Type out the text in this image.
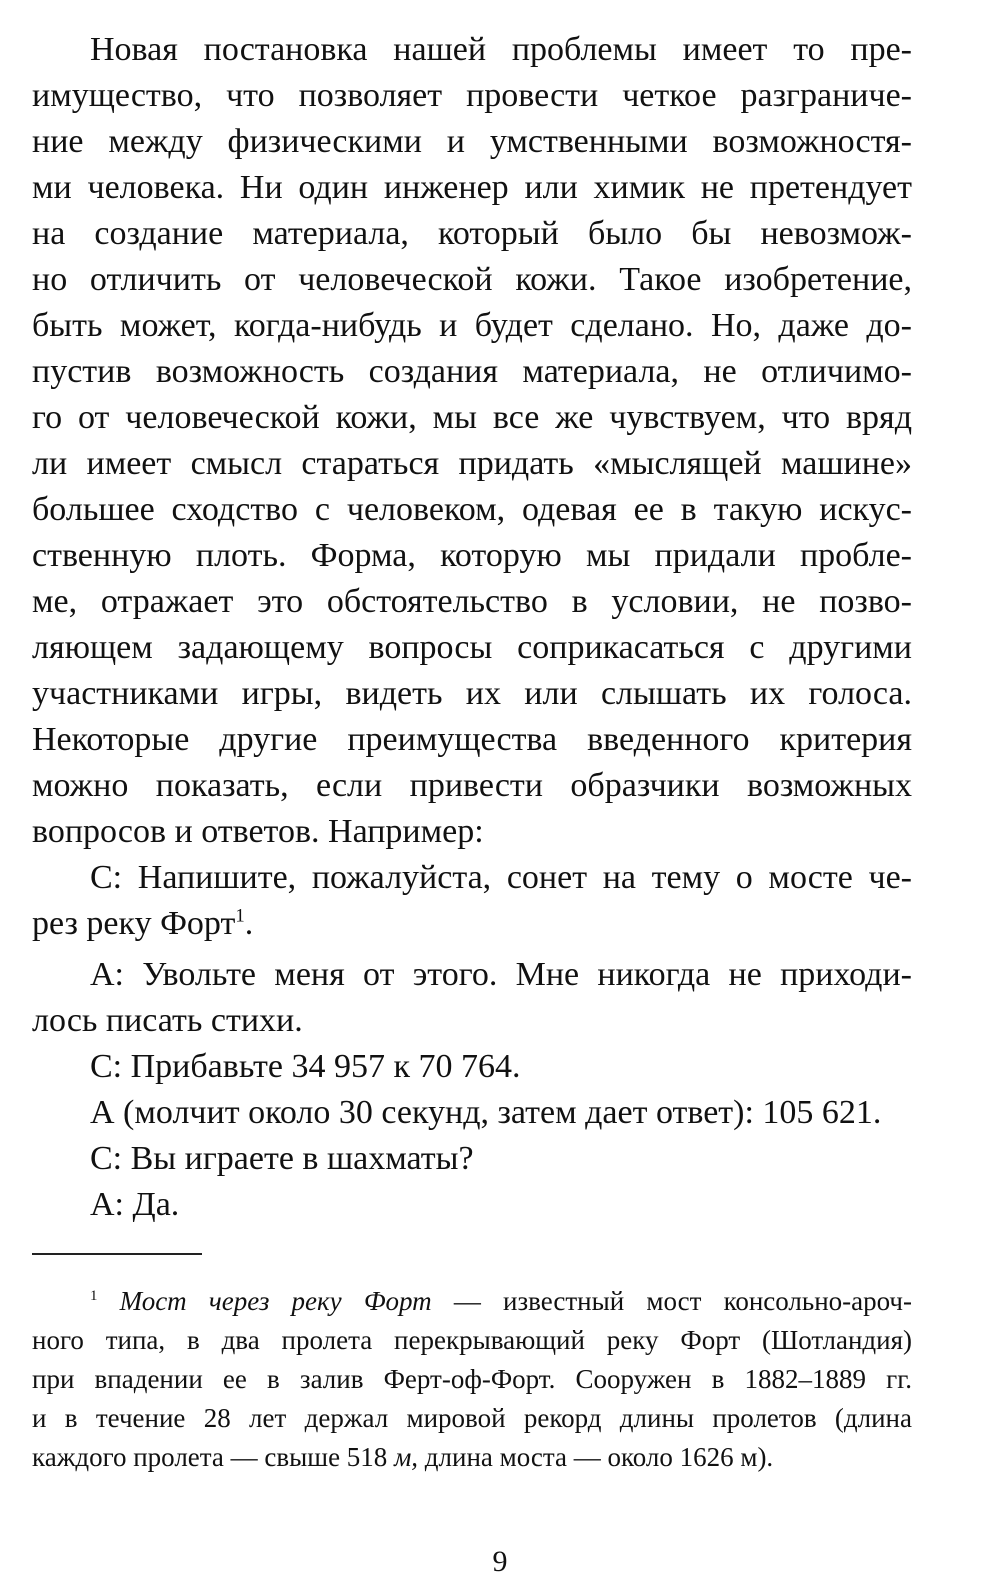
Новая постановка нашей проблемы имеет то пре-

имущество, что позволяет провести четкое разграниче-

ние между физическими и умственными возможностя-

ми человека. Ни один инженер или химик не претендует

на создание материала, который было бы невозмож-

но отличить от человеческой кожи. Такое изобретение,

быть может, когда-нибудь и будет сделано. Но, даже до-

пустив возможность создания материала, не отличимо-

го от человеческой кожи, мы все же чувствуем, что вряд

ли имеет смысл стараться придать «мыслящей машине»

большее сходство с человеком, одевая ее в такую искус-

ственную плоть. Форма, которую мы придали пробле-

ме, отражает это обстоятельство в условии, не позво-

ляющем задающему вопросы соприкасаться с другими

участниками игры, видеть их или слышать их голоса.

Некоторые другие преимущества введенного критерия

можно показать, если привести образчики возможных

вопросов и ответов. Например:

С: Напишите, пожалуйста, сонет на тему о мосте че-

рез реку Форт$^1$.

А: Увольте меня от этого. Мне никогда не приходи-

лось писать стихи.

С: Прибавьте 34 957 к 70 764.

А (молчит около 30 секунд, затем дает ответ): 105 621.

С: Вы играете в шахматы?

А: Да.

$^1$ Мост через реку Форт — известный мост консольно-ароч-

ного типа, в два пролета перекрывающий реку Форт (Шотландия)

при впадении ее в залив Ферт-оф-Форт. Сооружен в 1882–1889 гг.

и в течение 28 лет держал мировой рекорд длины пролетов (длина

каждого пролета — свыше 518 м, длина моста — около 1626 м).

9
